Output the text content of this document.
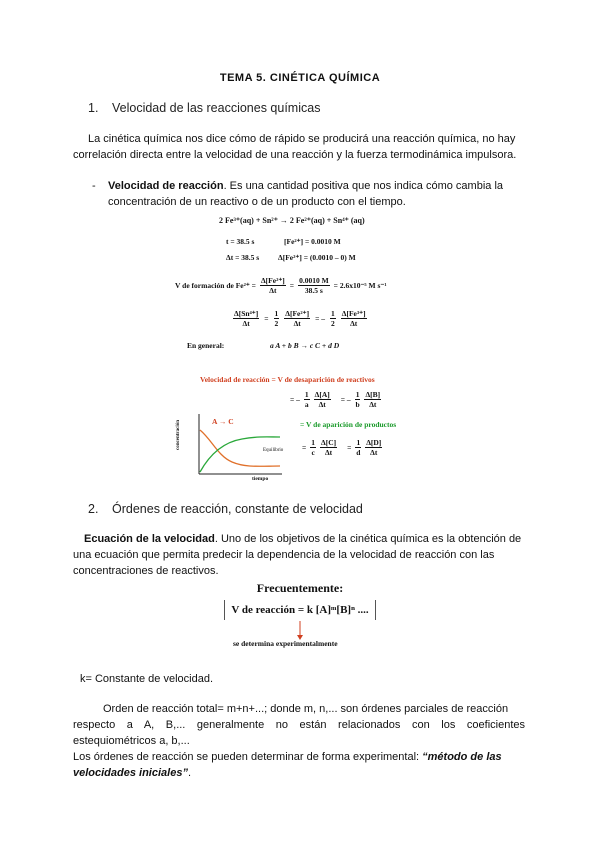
TEMA 5. CINÉTICA QUÍMICA
1. Velocidad de las reacciones químicas
La cinética química nos dice cómo de rápido se producirá una reacción química, no hay
correlación directa entre la velocidad de una reacción y la fuerza termodinámica impulsora.
- Velocidad de reacción. Es una cantidad positiva que nos indica cómo cambia la
concentración de un reactivo o de un producto con el tiempo.
2 Fe³⁺(aq) + Sn²⁺ → 2 Fe²⁺(aq) + Sn⁴⁺ (aq)
t = 38.5 s	[Fe²⁺] = 0.0010 M
Δt = 38.5 s	Δ[Fe²⁺] = (0.0010 – 0) M
V de formación de $Fe^{2+} = \frac{\text{Δ[Fe²⁺]}}{\Delta t} = \frac{0.0010 M}{38.5 s} = 2.6x10^{-5}$ M s⁻¹
$\frac{\text{Δ[Sn⁴⁺]}}{\Delta t} = \frac{1}{2} \frac{\text{Δ[Fe²⁺]}}{\Delta t}$ = – $\frac{1}{2} \frac{\text{Δ[Fe³⁺]}}{\Delta t}$
En general:	a A + b B → c C + d D
Velocidad de reacción = V de desaparición de reactivos
= – $\frac{1}{a} \frac{\Delta[A]}{\Delta t}$ = – $\frac{1}{b} \frac{\Delta[B]}{\Delta t}$
= V de aparición de productos
A → C
concentración
tiempo
Equilibrio = $\frac{1}{c} \frac{\Delta[C]}{\Delta t} = \frac{1}{d} \frac{\Delta[D]}{\Delta t}$
2. Órdenes de reacción, constante de velocidad
Ecuación de la velocidad. Uno de los objetivos de la cinética química es la obtención de
una ecuación que permita predecir la dependencia de la velocidad de reacción con las
concentraciones de reactivos.
Frecuentemente:
V de reacción = k [A]ᵐ[B]ⁿ ....
se determina experimentalmente
k= Constante de velocidad.
Orden de reacción total= m+n+...; donde m, n,... son órdenes parciales de reacción
respecto a A, B,... generalmente no están relacionados con los coeficientes
estequiométricos a, b,...
Los órdenes de reacción se pueden determinar de forma experimental: “método de las
velocidades iniciales”.
